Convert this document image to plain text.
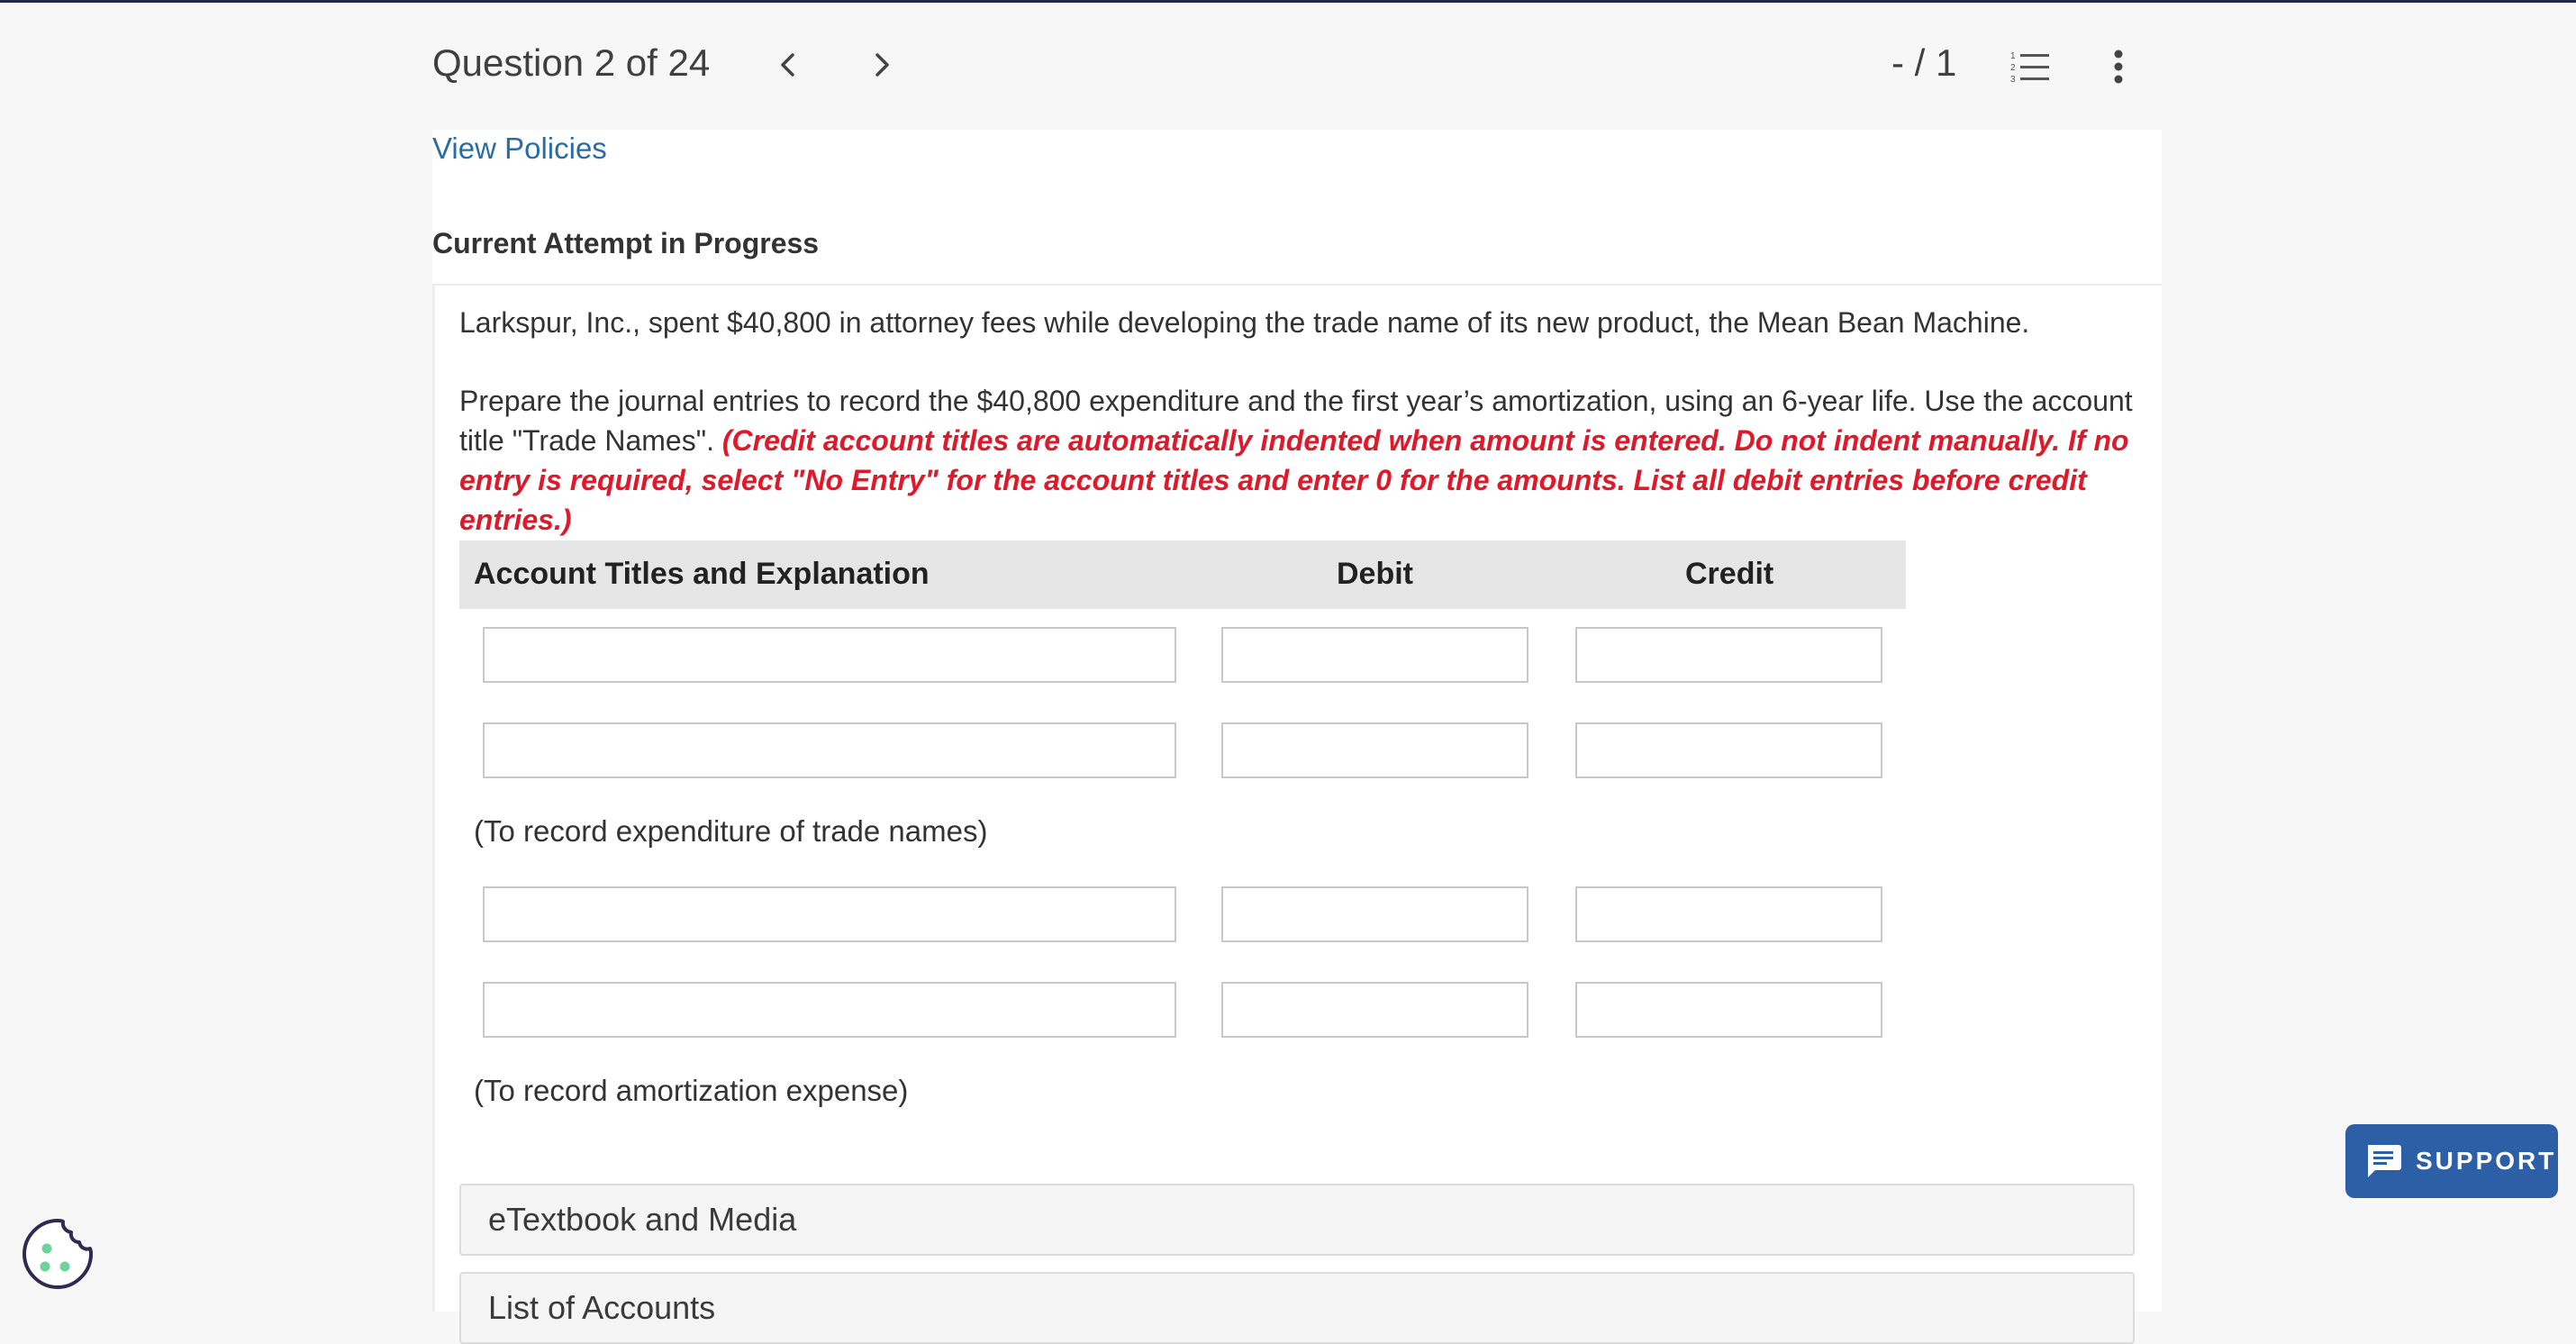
Question 2 of 24	- / 1	1
2
3
View Policies
Current Attempt in Progress

Larkspur, Inc., spent $40,800 in attorney fees while developing the trade name of its new product, the Mean Bean Machine.

Prepare the journal entries to record the $40,800 expenditure and the first year’s amortization, using an 6-year life. Use the account title "Trade Names". (Credit account titles are automatically indented when amount is entered. Do not indent manually. If no entry is required, select "No Entry" for the account titles and enter 0 for the amounts. List all debit entries before credit entries.)

Account Titles and Explanation	Debit	Credit
(To record expenditure of trade names)
(To record amortization expense)
eTextbook and Media
List of Accounts
SUPPORT
